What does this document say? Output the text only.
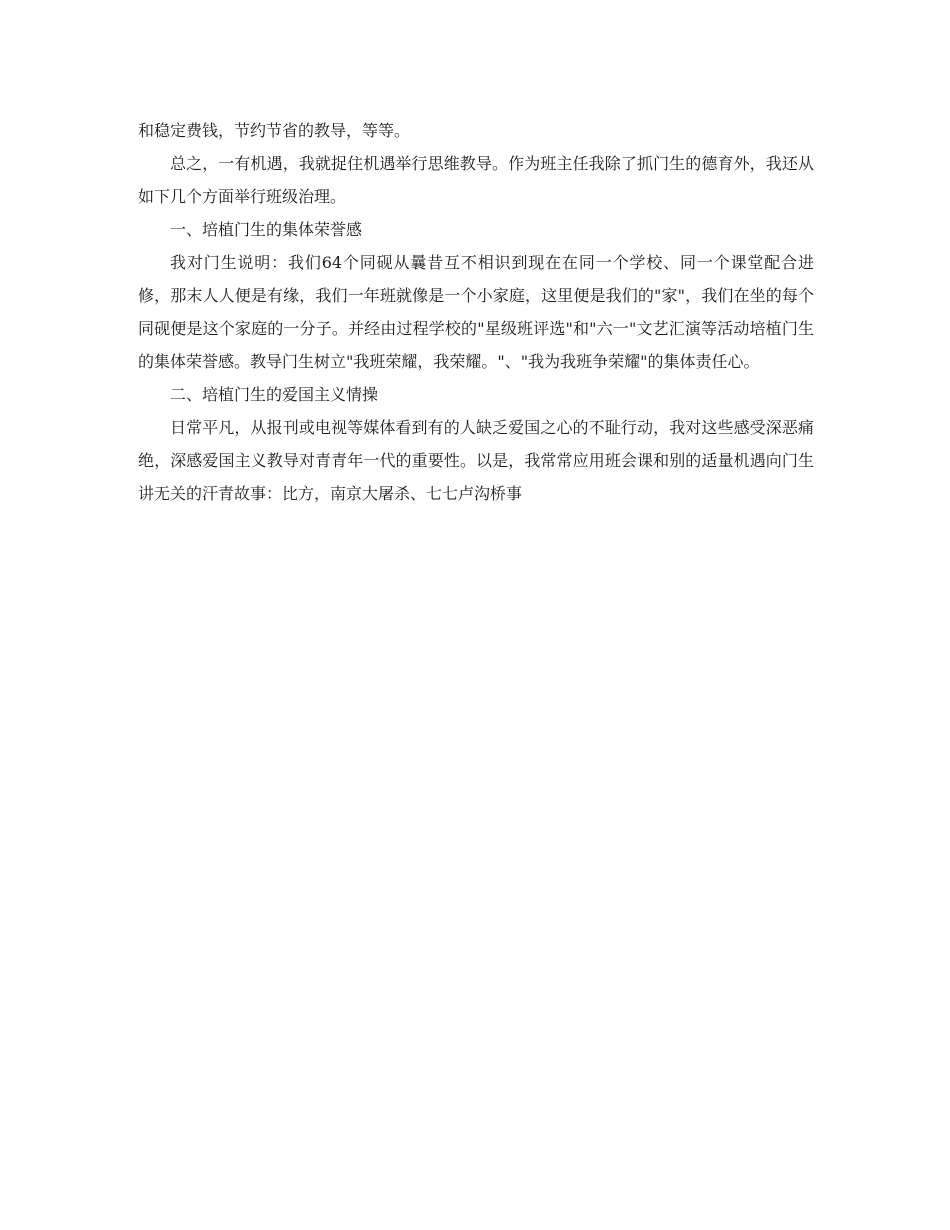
和稳定费钱，节约节省的教导，等等。

总之，一有机遇，我就捉住机遇举行思维教导。作为班主任我除了抓门生的德育外，我还从如下几个方面举行班级治理。

一、培植门生的集体荣誉感

我对门生说明：我们64个同砚从曩昔互不相识到现在在同一个学校、同一个课堂配合进修，那末人人便是有缘，我们一年班就像是一个小家庭，这里便是我们的"家"，我们在坐的每个同砚便是这个家庭的一分子。并经由过程学校的"星级班评选"和"六一"文艺汇演等活动培植门生的集体荣誉感。教导门生树立"我班荣耀，我荣耀。"、"我为我班争荣耀"的集体责任心。

二、培植门生的爱国主义情操

日常平凡，从报刊或电视等媒体看到有的人缺乏爱国之心的不耻行动，我对这些感受深恶痛绝，深感爱国主义教导对青青年一代的重要性。以是，我常常应用班会课和别的适量机遇向门生讲无关的汗青故事：比方，南京大屠杀、七七卢沟桥事
